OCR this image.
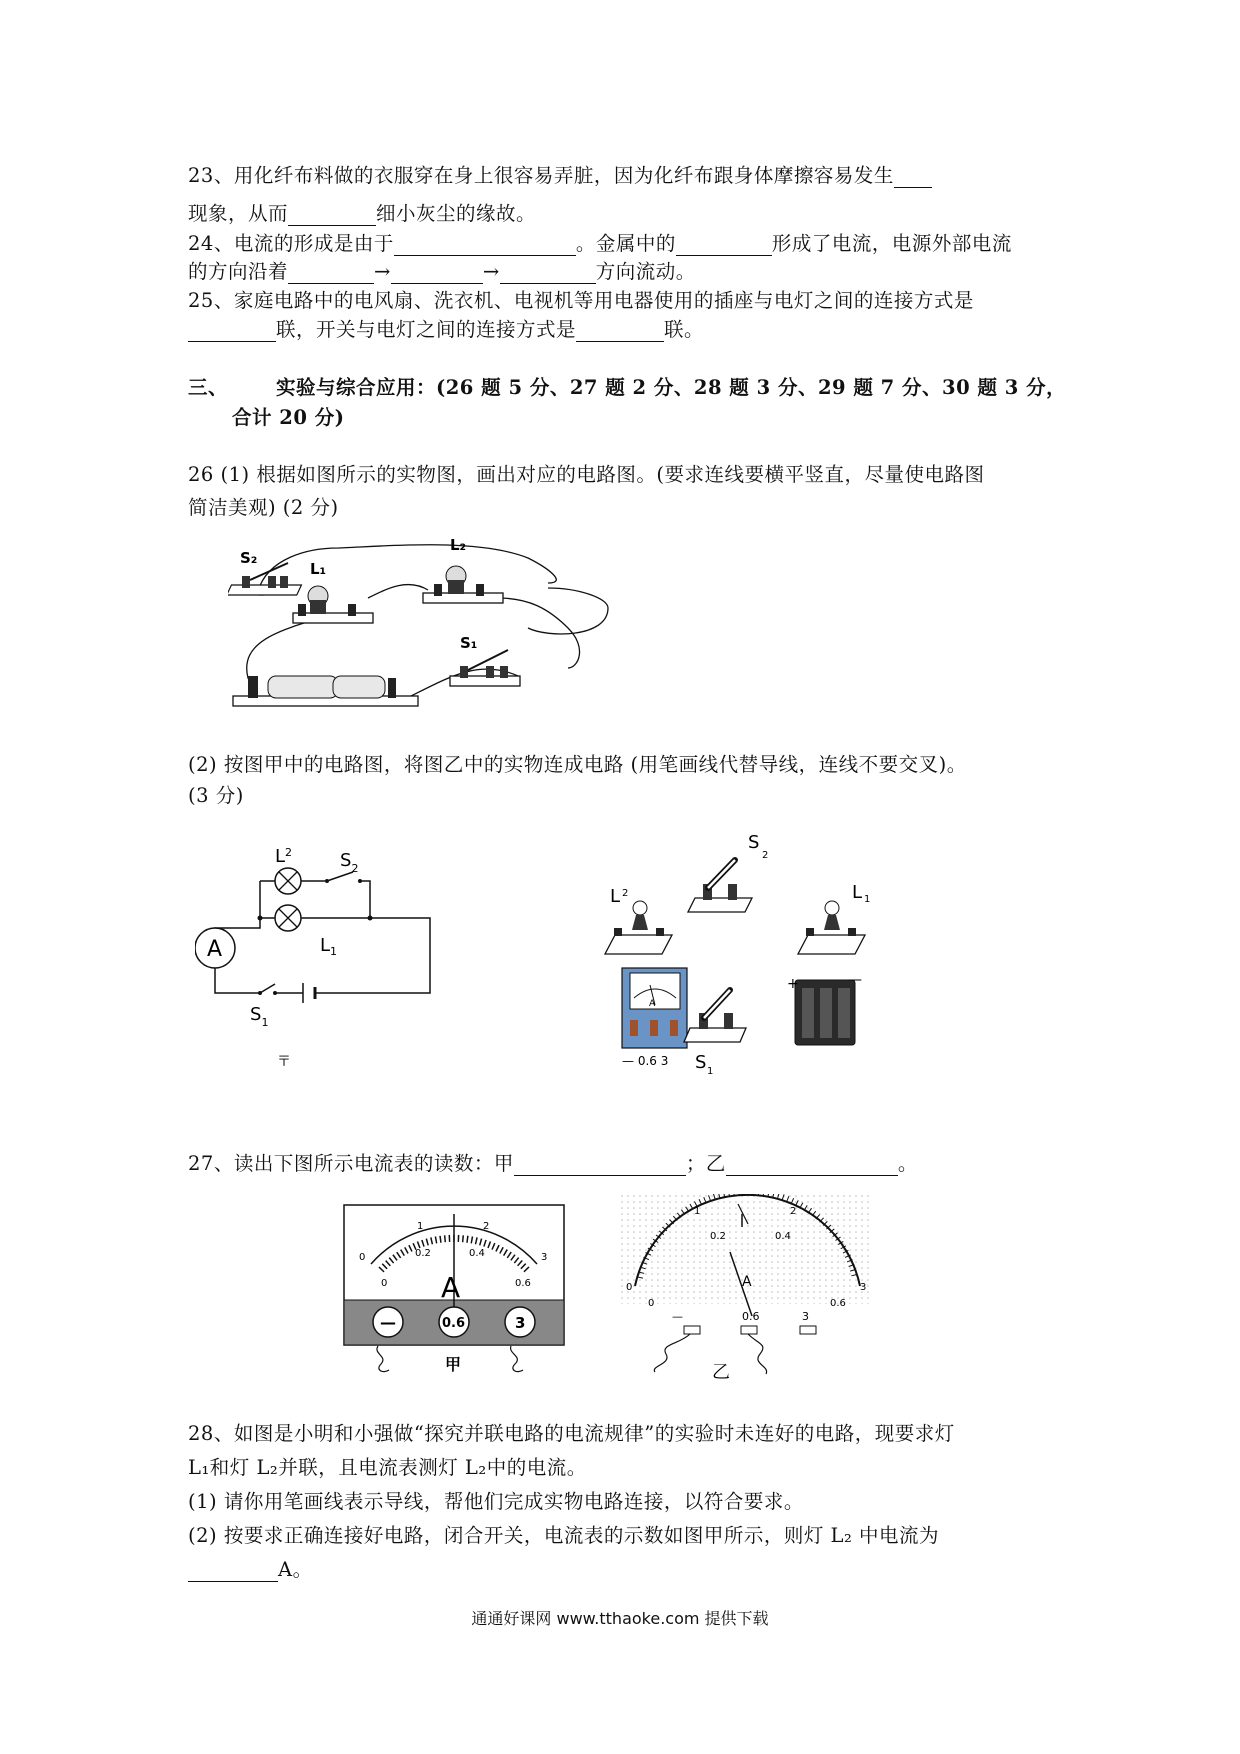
23、用化纤布料做的衣服穿在身上很容易弄脏，因为化纤布跟身体摩擦容易发生
现象，从而	细小灰尘的缘故。
24、电流的形成是由于	。金属中的	形成了电流，电源外部电流
的方向沿着	→	→	方向流动。
25、家庭电路中的电风扇、洗衣机、电视机等用电器使用的插座与电灯之间的连接方式是
联，开关与电灯之间的连接方式是	联。
三、 实验与综合应用：(26 题 5 分、27 题 2 分、28 题 3 分、29 题 7 分、30 题 3 分，
合计 20 分)
26 (1) 根据如图所示的实物图，画出对应的电路图。(要求连线要横平竖直，尽量使电路图
简洁美观) (2 分)
S₂
L₁
L₂
S₁
(2) 按图甲中的电路图，将图乙中的实物连成电路 (用笔画线代替导线，连线不要交叉)。
(3 分)
A
$L^2$	$S_2$
$L_1$
$S_1$
〒
S
2
L 2	L 1
A
— 0.6 3 S 1
+	—
27、读出下图所示电流表的读数：甲	；乙	。
0
1	2
3
0
0.2	0.4
0.6
A
—	0.6	3
甲
0
1	2
3
0
0.2	0.4
0.6
A
—	0.6	3
乙
28、如图是小明和小强做“探究并联电路的电流规律”的实验时未连好的电路，现要求灯
L₁和灯 L₂并联，且电流表测灯 L₂中的电流。
(1) 请你用笔画线表示导线，帮他们完成实物电路连接，以符合要求。
(2) 按要求正确连接好电路，闭合开关，电流表的示数如图甲所示，则灯 L₂ 中电流为
A。
通通好课网 www.tthaoke.com 提供下载
